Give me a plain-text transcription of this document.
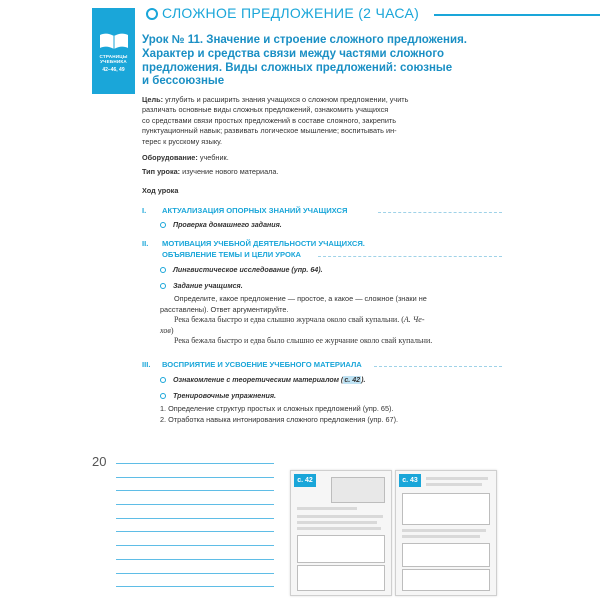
СТРАНИЦЫ УЧЕБНИКА
42–46, 49
СЛОЖНОЕ ПРЕДЛОЖЕНИЕ (2 ЧАСА)
Урок № 11. Значение и строение сложного предложения.
Характер и средства связи между частями сложного
предложения. Виды сложных предложений: союзные
и бессоюзные
Цель: углубить и расширить знания учащихся о сложном предложении, учить
различать основные виды сложных предложений, ознакомить учащихся
со средствами связи простых предложений в составе сложного, закрепить
пунктуационный навык; развивать логическое мышление; воспитывать ин-
терес к русскому языку.
Оборудование: учебник.
Тип урока: изучение нового материала.
Ход урока
I. АКТУАЛИЗАЦИЯ ОПОРНЫХ ЗНАНИЙ УЧАЩИХСЯ
Проверка домашнего задания.
II. МОТИВАЦИЯ УЧЕБНОЙ ДЕЯТЕЛЬНОСТИ УЧАЩИХСЯ.
ОБЪЯВЛЕНИЕ ТЕМЫ И ЦЕЛИ УРОКА
Лингвистическое исследование (упр. 64).
Задание учащимся.
Определите, какое предложение — простое, а какое — сложное (знаки не
расставлены). Ответ аргументируйте.
Река бежала быстро и едва слышно журчала около свай купальни. (А. Че-
хов)
Река бежала быстро и едва было слышно ее журчание около свай купальни.
III. ВОСПРИЯТИЕ И УСВОЕНИЕ УЧЕБНОГО МАТЕРИАЛА
Ознакомление с теоретическим материалом (с. 42).
Тренировочные упражнения.
1. Определение структур простых и сложных предложений (упр. 65).
2. Отработка навыка интонирования сложного предложения (упр. 67).
20
с. 42	с. 43
